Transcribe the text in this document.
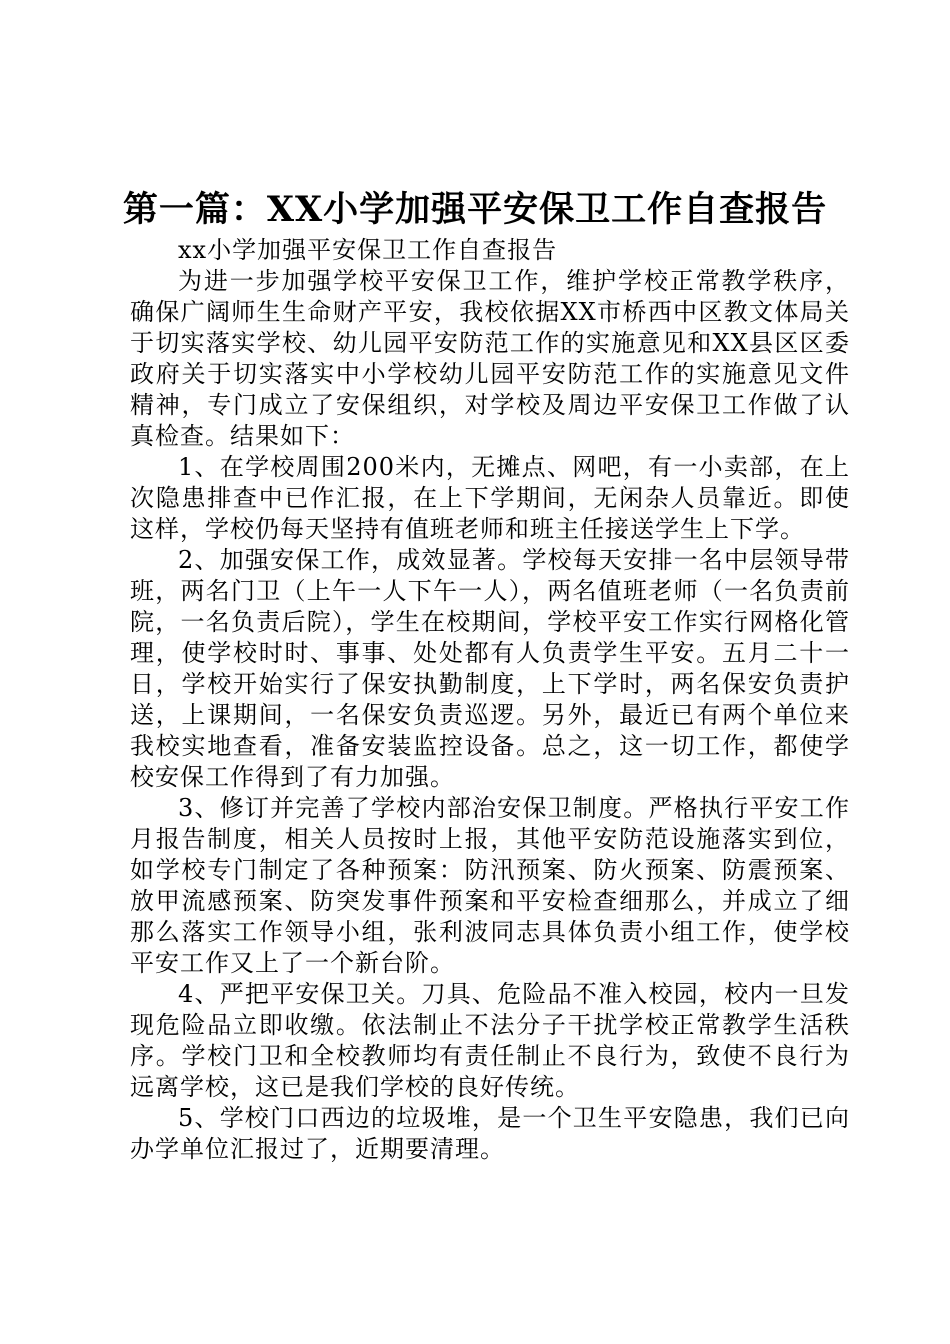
第一篇：XX小学加强平安保卫工作自查报告

xx小学加强平安保卫工作自查报告

为进一步加强学校平安保卫工作，维护学校正常教学秩序，确保广阔师生生命财产平安，我校依据XX市桥西中区教文体局关于切实落实学校、幼儿园平安防范工作的实施意见和XX县区区委政府关于切实落实中小学校幼儿园平安防范工作的实施意见文件精神，专门成立了安保组织，对学校及周边平安保卫工作做了认真检查。结果如下：

1、在学校周围200米内，无摊点、网吧，有一小卖部，在上次隐患排查中已作汇报，在上下学期间，无闲杂人员靠近。即使这样，学校仍每天坚持有值班老师和班主任接送学生上下学。

2、加强安保工作，成效显著。学校每天安排一名中层领导带班，两名门卫（上午一人下午一人），两名值班老师（一名负责前院，一名负责后院），学生在校期间，学校平安工作实行网格化管理，使学校时时、事事、处处都有人负责学生平安。五月二十一日，学校开始实行了保安执勤制度，上下学时，两名保安负责护送，上课期间，一名保安负责巡逻。另外，最近已有两个单位来我校实地查看，准备安装监控设备。总之，这一切工作，都使学校安保工作得到了有力加强。

3、修订并完善了学校内部治安保卫制度。严格执行平安工作月报告制度，相关人员按时上报，其他平安防范设施落实到位，如学校专门制定了各种预案：防汛预案、防火预案、防震预案、放甲流感预案、防突发事件预案和平安检查细那么，并成立了细那么落实工作领导小组，张利波同志具体负责小组工作，使学校平安工作又上了一个新台阶。

4、严把平安保卫关。刀具、危险品不准入校园，校内一旦发现危险品立即收缴。依法制止不法分子干扰学校正常教学生活秩序。学校门卫和全校教师均有责任制止不良行为，致使不良行为远离学校，这已是我们学校的良好传统。

5、学校门口西边的垃圾堆，是一个卫生平安隐患，我们已向办学单位汇报过了，近期要清理。
